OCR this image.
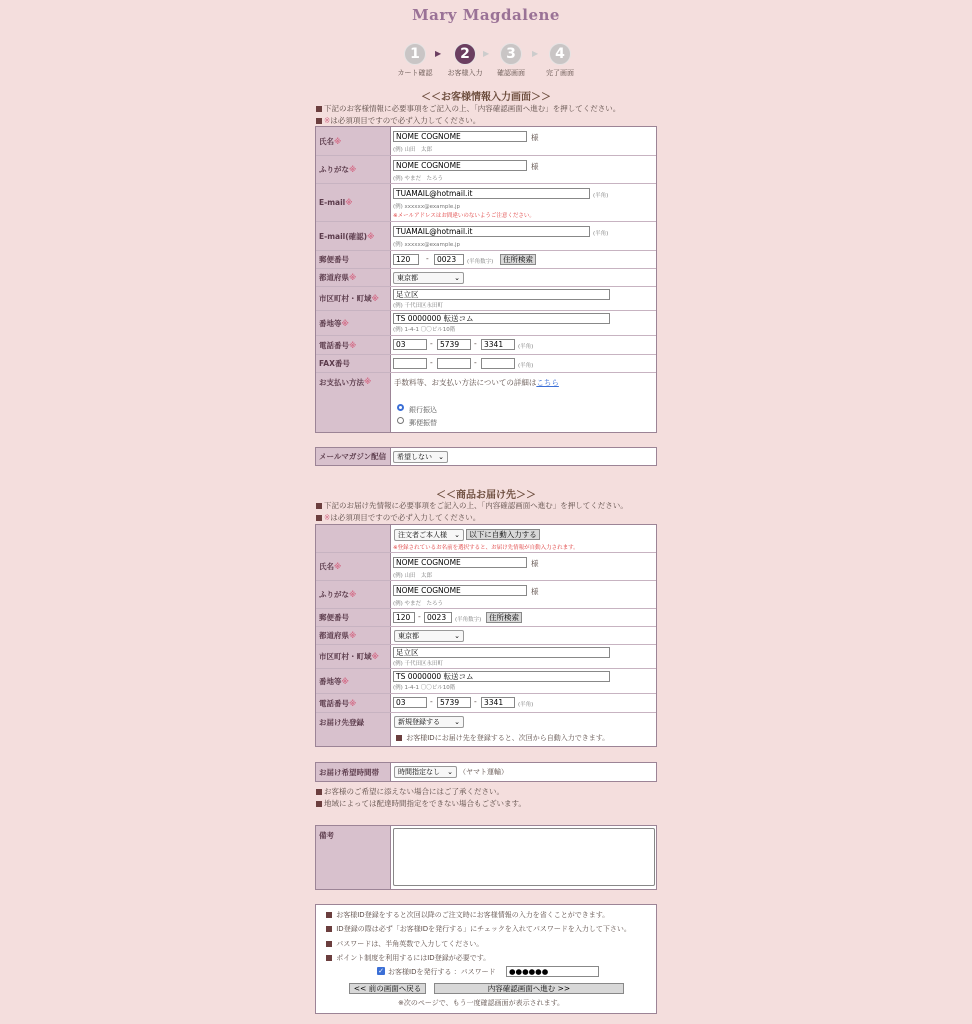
Mary Magdalene
1
カート確認
▶	2
お客様入力
▶	3
確認画面
▶	4
完了画面
＜＜お客様情報入力画面＞＞
下記のお客様情報に必要事項をご記入の上、「内容確認画面へ進む」を押してください。
※は必須項目ですので必ず入力してください。
氏名 ※	NOME COGNOME	様
(例) 山田　太郎
ふりがな ※	NOME COGNOME	様
(例) やまだ　たろう
E-mail ※
TUAMAIL@hotmail.it	(半角)
(例) xxxxxx@example.jp
※メールアドレスはお間違いのないようご注意ください。
E-mail(確認) ※	TUAMAIL@hotmail.it	(半角)
(例) xxxxxx@example.jp
郵便番号	120	-	0023	(半角数字)	住所検索
都道府県 ※	東京都	⌄
市区町村・町域 ※	足立区
(例) 千代田区永田町
番地等 ※	TS 0000000 転送コム
(例) 1-4-1 〇〇ビル10階
電話番号 ※	03	- 5739	- 3341	(半角)
FAX番号	-	-	(半角)
お支払い方法 ※	手数料等、お支払い方法についての詳細はこちら
銀行振込
郵便振替
メールマガジン配信	希望しない ⌄
＜＜商品お届け先＞＞
下記のお届け先情報に必要事項をご記入の上、「内容確認画面へ進む」を押してください。
※は必須項目ですので必ず入力してください。
注文者ご本人様 ⌄	以下に自動入力する
※登録されているお名前を選択すると、お届け先情報が自動入力されます。
氏名 ※	NOME COGNOME	様
(例) 山田　太郎
ふりがな ※	NOME COGNOME	様
(例) やまだ　たろう
郵便番号	120	- 0023	(半角数字)	住所検索
都道府県 ※	東京都	⌄
市区町村・町域 ※	足立区
(例) 千代田区永田町
番地等 ※	TS 0000000 転送コム
(例) 1-4-1 〇〇ビル10階
電話番号 ※	03	- 5739	- 3341	(半角)
お届け先登録	新規登録する ⌄
お客様IDにお届け先を登録すると、次回から自動入力できます。
お届け希望時間帯	時間指定なし ⌄ （ヤマト運輸）
お客様のご希望に添えない場合にはご了承ください。
地域によっては配達時間指定をできない場合もございます。
備考
お客様ID登録をすると次回以降のご注文時にお客様情報の入力を省くことができます。
ID登録の際は必ず「お客様IDを発行する」にチェックを入れてパスワードを入力して下さい。
パスワードは、半角英数で入力してください。
ポイント制度を利用するにはID登録が必要です。
✓ お客様IDを発行する ：パスワード	●●●●●●
<< 前の画面へ戻る	内容確認画面へ進む >>
※次のページで、もう一度確認画面が表示されます。
